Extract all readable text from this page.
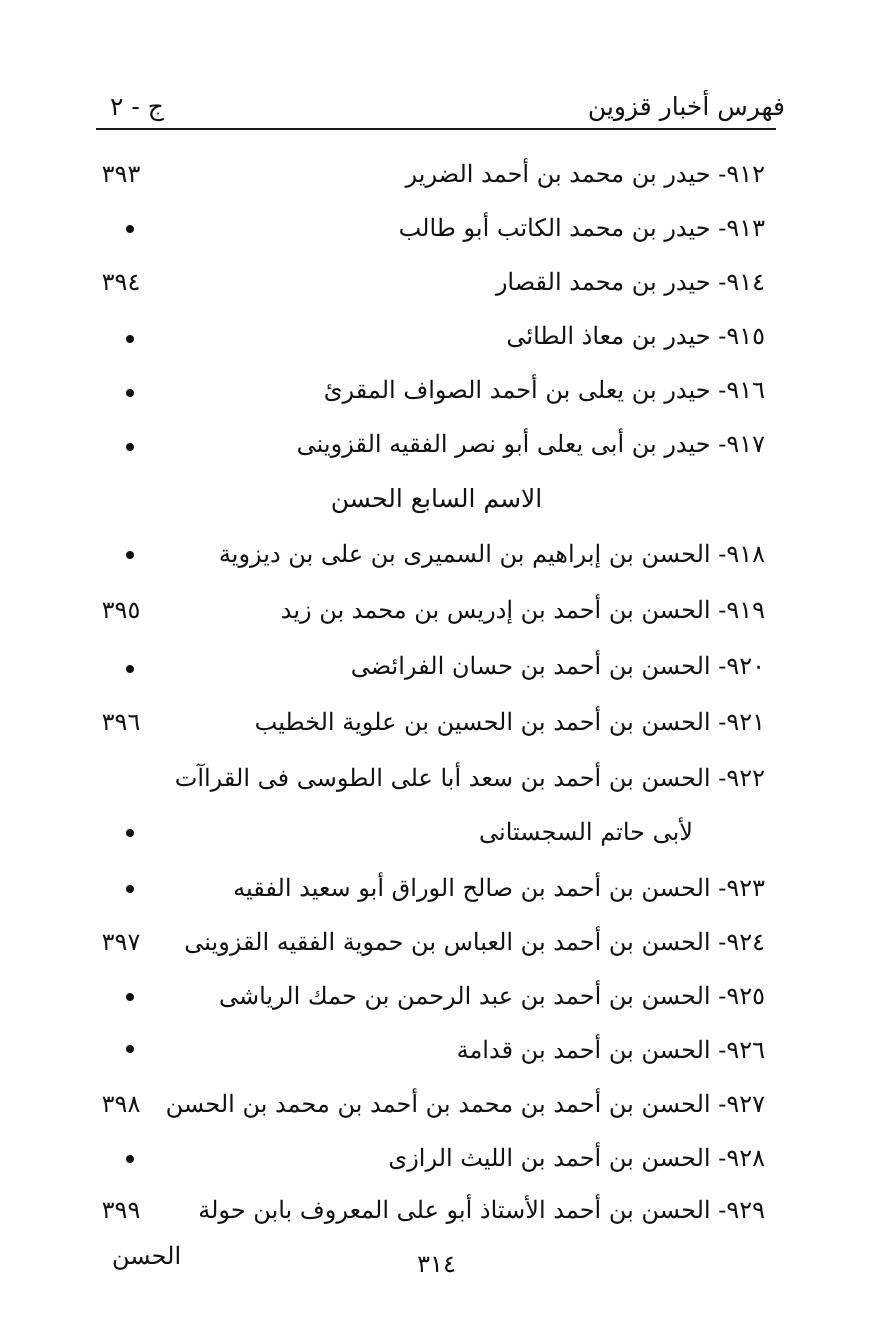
فهرس أخبار قزوين
ج - ٢
٩١٢- حيدر بن محمد بن أحمد الضرير
٣٩٣
٩١٣- حيدر بن محمد الكاتب أبو طالب
٩١٤- حيدر بن محمد القصار
٣٩٤
٩١٥- حيدر بن معاذ الطائى
٩١٦- حيدر بن يعلى بن أحمد الصواف المقرئ
٩١٧- حيدر بن أبى يعلى أبو نصر الفقيه القزوينى
الاسم السابع الحسن
٩١٨- الحسن بن إبراهيم بن السميرى بن على بن ديزوية
٩١٩- الحسن بن أحمد بن إدريس بن محمد بن زيد
٣٩٥
٩٢٠- الحسن بن أحمد بن حسان الفرائضى
٩٢١- الحسن بن أحمد بن الحسين بن علوية الخطيب
٣٩٦
٩٢٢- الحسن بن أحمد بن سعد أبا على الطوسى فى القراآت
لأبى حاتم السجستانى
٩٢٣- الحسن بن أحمد بن صالح الوراق أبو سعيد الفقيه
٩٢٤- الحسن بن أحمد بن العباس بن حموية الفقيه القزوينى
٣٩٧
٩٢٥- الحسن بن أحمد بن عبد الرحمن بن حمك الرياشى
٩٢٦- الحسن بن أحمد بن قدامة
٩٢٧- الحسن بن أحمد بن محمد بن أحمد بن محمد بن الحسن
٣٩٨
٩٢٨- الحسن بن أحمد بن الليث الرازى
٩٢٩- الحسن بن أحمد الأستاذ أبو على المعروف بابن حولة
٣٩٩
الحسن	٣١٤
